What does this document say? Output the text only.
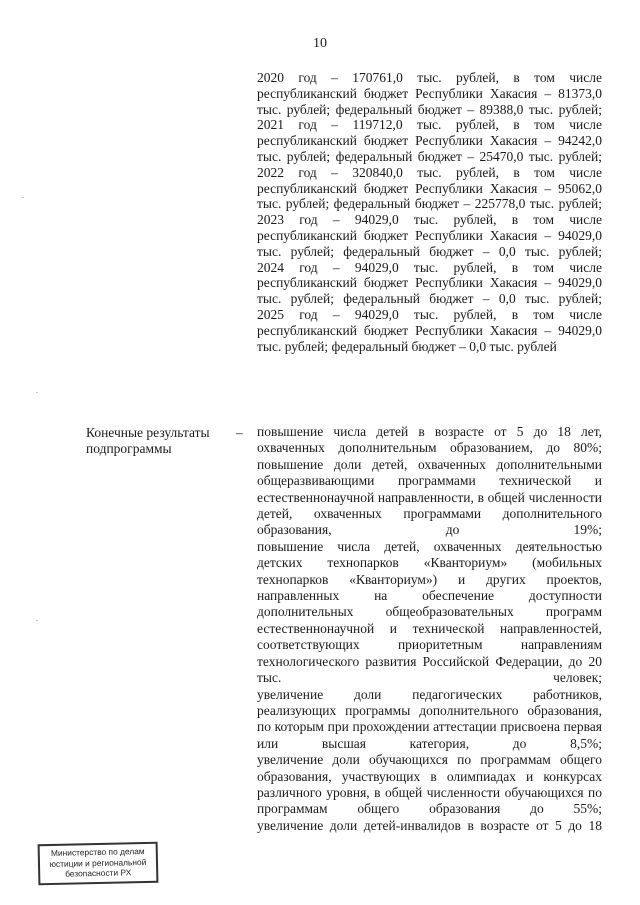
10

2020 год – 170761,0 тыс. рублей, в том числе республиканский бюджет Республики Хакасия – 81373,0 тыс. рублей; федеральный бюджет – 89388,0 тыс. рублей;

2021 год – 119712,0 тыс. рублей, в том числе республиканский бюджет Республики Хакасия – 94242,0 тыс. рублей; федеральный бюджет – 25470,0 тыс. рублей;

2022 год – 320840,0 тыс. рублей, в том числе республиканский бюджет Республики Хакасия – 95062,0 тыс. рублей; федеральный бюджет – 225778,0 тыс. рублей;

2023 год – 94029,0 тыс. рублей, в том числе республиканский бюджет Республики Хакасия – 94029,0 тыс. рублей; федеральный бюджет – 0,0 тыс. рублей;

2024 год – 94029,0 тыс. рублей, в том числе республиканский бюджет Республики Хакасия – 94029,0 тыс. рублей; федеральный бюджет – 0,0 тыс. рублей;

2025 год – 94029,0 тыс. рублей, в том числе республиканский бюджет Республики Хакасия – 94029,0 тыс. рублей; федеральный бюджет – 0,0 тыс. рублей

Конечные результаты подпрограммы
– повышение числа детей в возрасте от 5 до 18 лет, охваченных дополнительным образованием, до 80%;

повышение доли детей, охваченных дополнительными общеразвивающими программами технической и естественнонаучной направленности, в общей численности детей, охваченных программами дополнительного образования, до 19%;

повышение числа детей, охваченных деятельностью детских технопарков «Кванториум» (мобильных технопарков «Кванториум») и других проектов, направленных на обеспечение доступности дополнительных общеобразовательных программ естественнонаучной и технической направленностей, соответствующих приоритетным направлениям технологического развития Российской Федерации, до 20 тыс. человек;

увеличение доли педагогических работников, реализующих программы дополнительного образования, по которым при прохождении аттестации присвоена первая или высшая категория, до 8,5%;

увеличение доли обучающихся по программам общего образования, участвующих в олимпиадах и конкурсах различного уровня, в общей численности обучающихся по программам общего образования до 55%;

увеличение доли детей-инвалидов в возрасте от 5 до 18

Министерство по делам юстиции и региональной безопасности РХ
